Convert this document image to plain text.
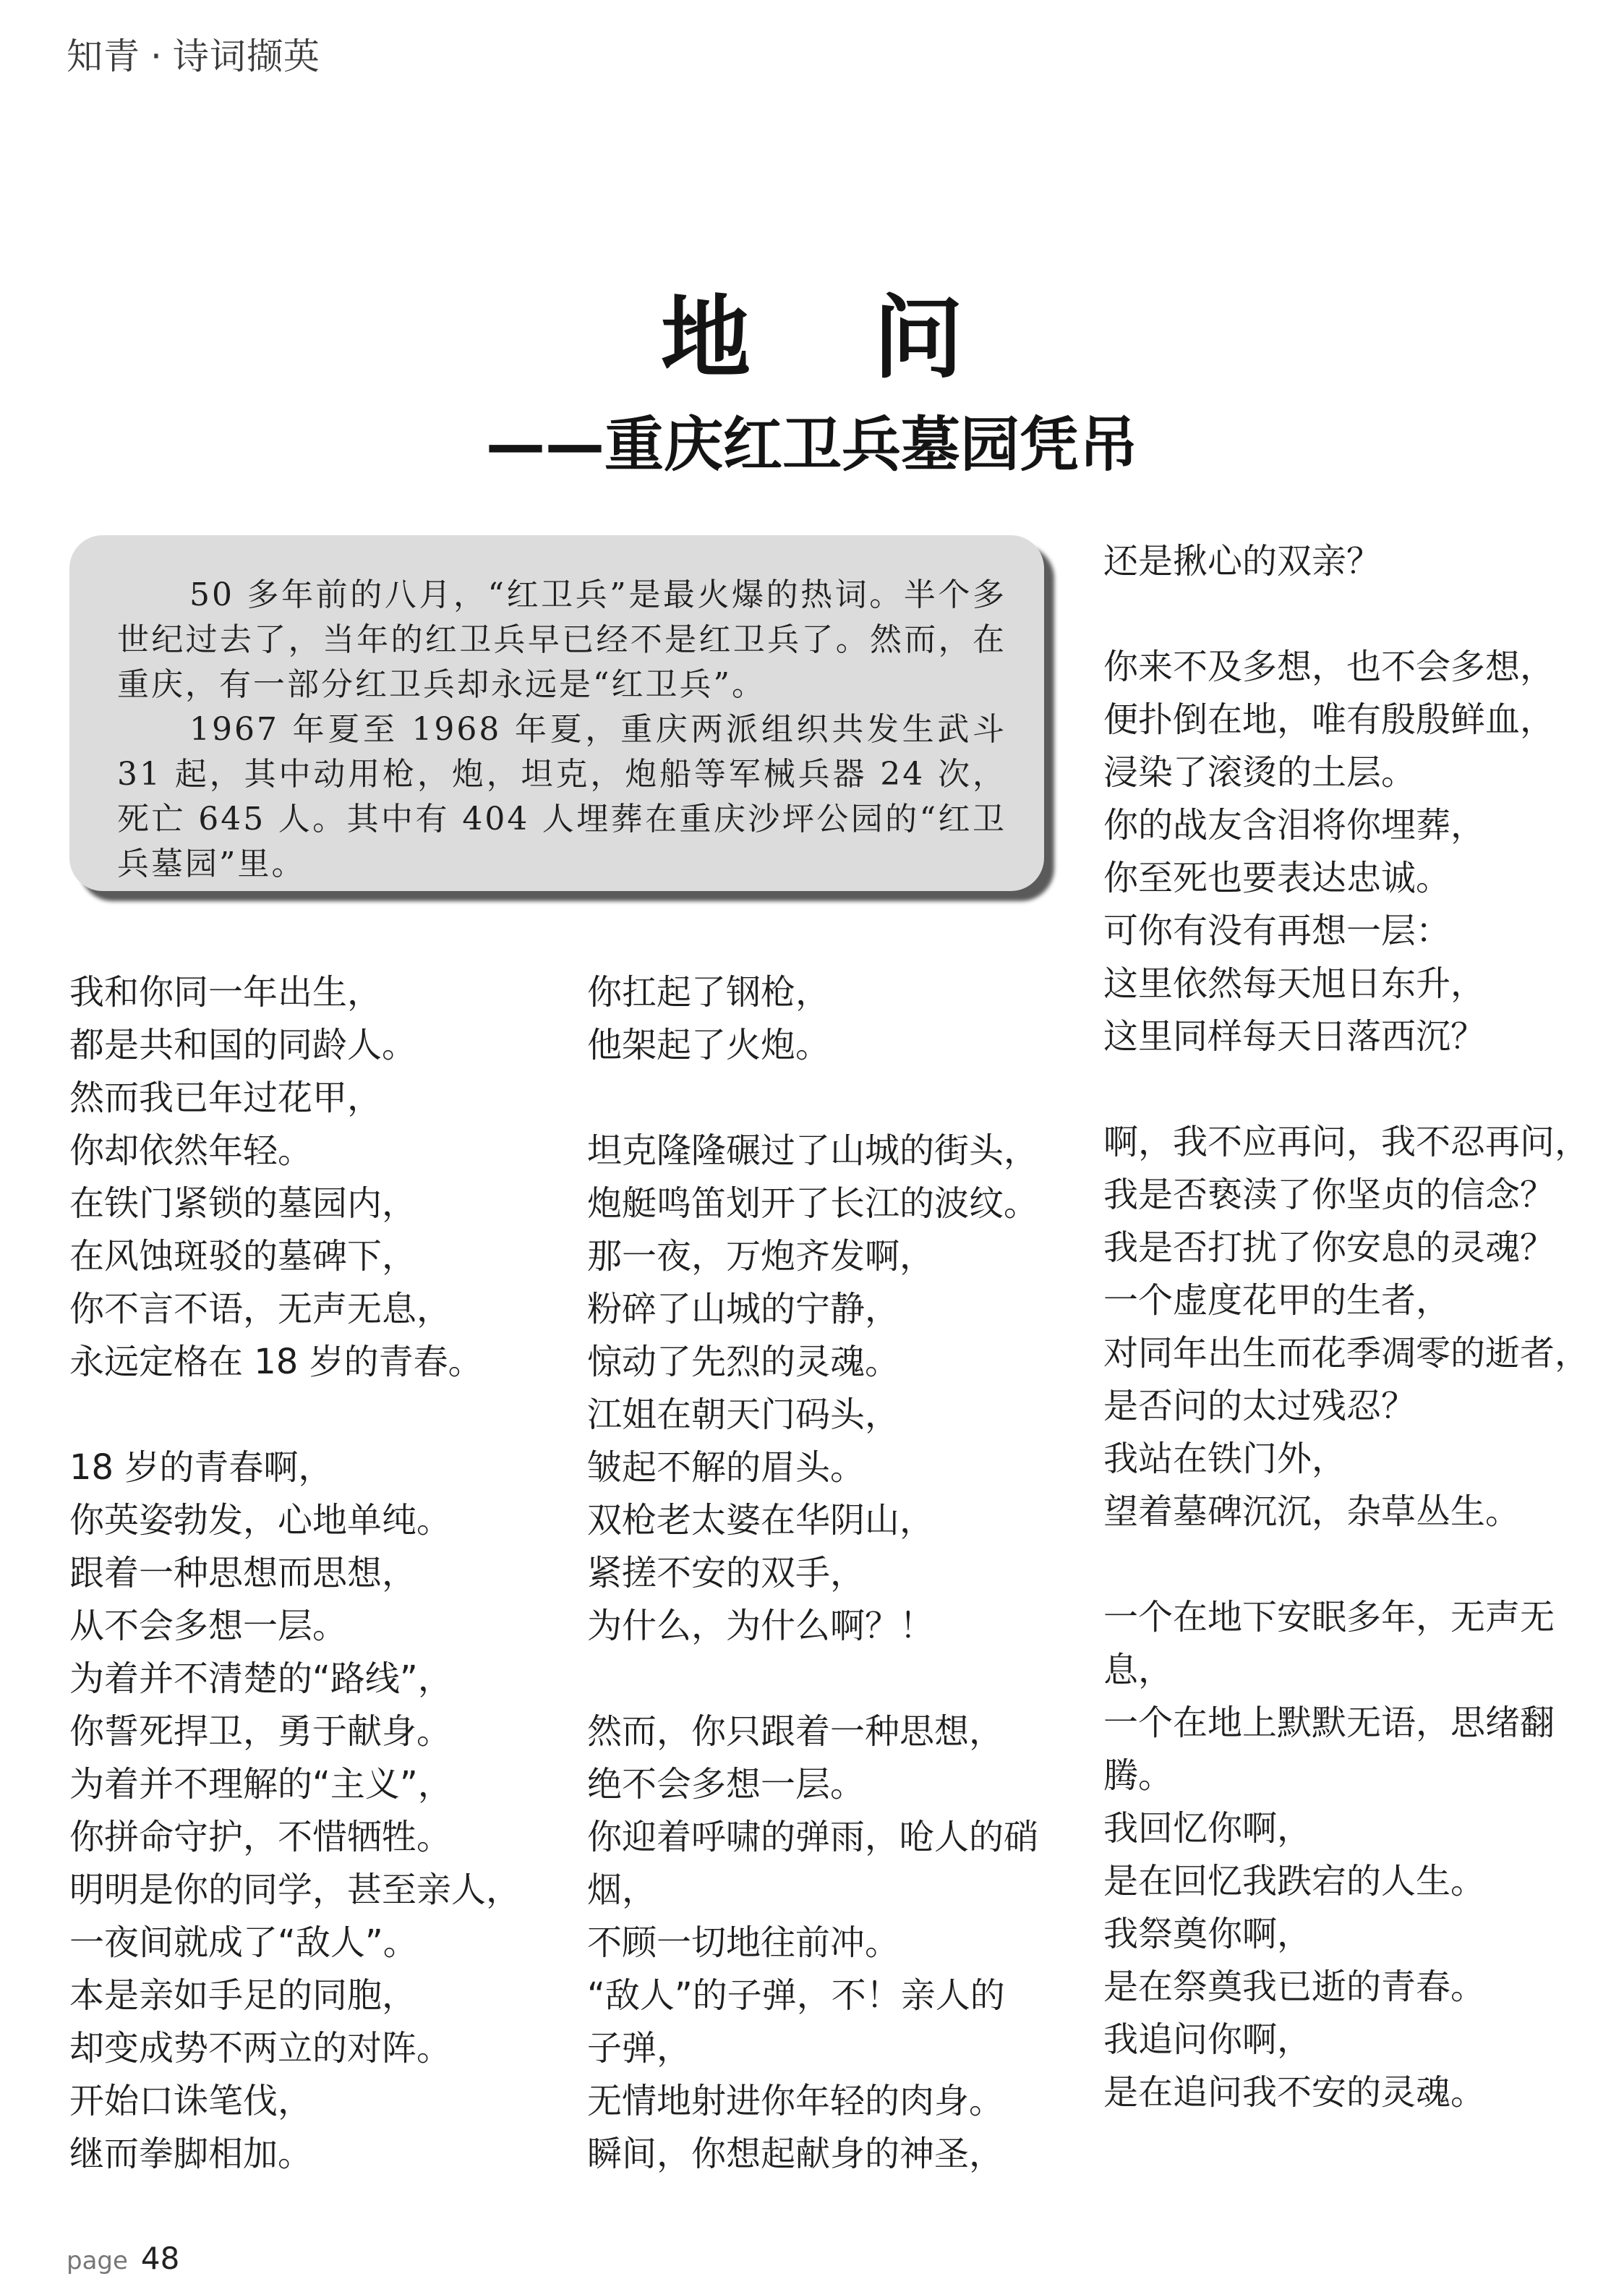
知青 · 诗词撷英
地 问
——重庆红卫兵墓园凭吊

50 多年前的八月，“红卫兵”是最火爆的热词。半个多世纪过去了，当年的红卫兵早已经不是红卫兵了。然而，在重庆，有一部分红卫兵却永远是“红卫兵”。

1967 年夏至 1968 年夏，重庆两派组织共发生武斗 31 起，其中动用枪，炮，坦克，炮船等军械兵器 24 次，死亡 645 人。其中有 404 人埋葬在重庆沙坪公园的“红卫兵墓园”里。

我和你同一年出生，
都是共和国的同龄人。
然而我已年过花甲，
你却依然年轻。
在铁门紧锁的墓园内，
在风蚀斑驳的墓碑下，
你不言不语，无声无息，
永远定格在 18 岁的青春。
18 岁的青春啊，
你英姿勃发，心地单纯。
跟着一种思想而思想，
从不会多想一层。
为着并不清楚的“路线”，
你誓死捍卫，勇于献身。
为着并不理解的“主义”，
你拼命守护，不惜牺牲。
明明是你的同学，甚至亲人，
一夜间就成了“敌人”。
本是亲如手足的同胞，
却变成势不两立的对阵。
开始口诛笔伐，
继而拳脚相加。
你扛起了钢枪，
他架起了火炮。
坦克隆隆碾过了山城的街头，
炮艇鸣笛划开了长江的波纹。
那一夜，万炮齐发啊，
粉碎了山城的宁静，
惊动了先烈的灵魂。
江姐在朝天门码头，
皱起不解的眉头。
双枪老太婆在华阴山，
紧搓不安的双手，
为什么，为什么啊？！
然而，你只跟着一种思想，
绝不会多想一层。
你迎着呼啸的弹雨，呛人的硝
烟，
不顾一切地往前冲。
“敌人”的子弹，不！亲人的
子弹，
无情地射进你年轻的肉身。
瞬间，你想起献身的神圣，
还是揪心的双亲？
你来不及多想，也不会多想，
便扑倒在地，唯有殷殷鲜血，
浸染了滚烫的土层。
你的战友含泪将你埋葬，
你至死也要表达忠诚。
可你有没有再想一层：
这里依然每天旭日东升，
这里同样每天日落西沉？
啊，我不应再问，我不忍再问，
我是否亵渎了你坚贞的信念？
我是否打扰了你安息的灵魂？
一个虚度花甲的生者，
对同年出生而花季凋零的逝者，
是否问的太过残忍？
我站在铁门外，
望着墓碑沉沉，杂草丛生。
一个在地下安眠多年，无声无
息，
一个在地上默默无语，思绪翻
腾。
我回忆你啊，
是在回忆我跌宕的人生。
我祭奠你啊，
是在祭奠我已逝的青春。
我追问你啊，
是在追问我不安的灵魂。
page 48
